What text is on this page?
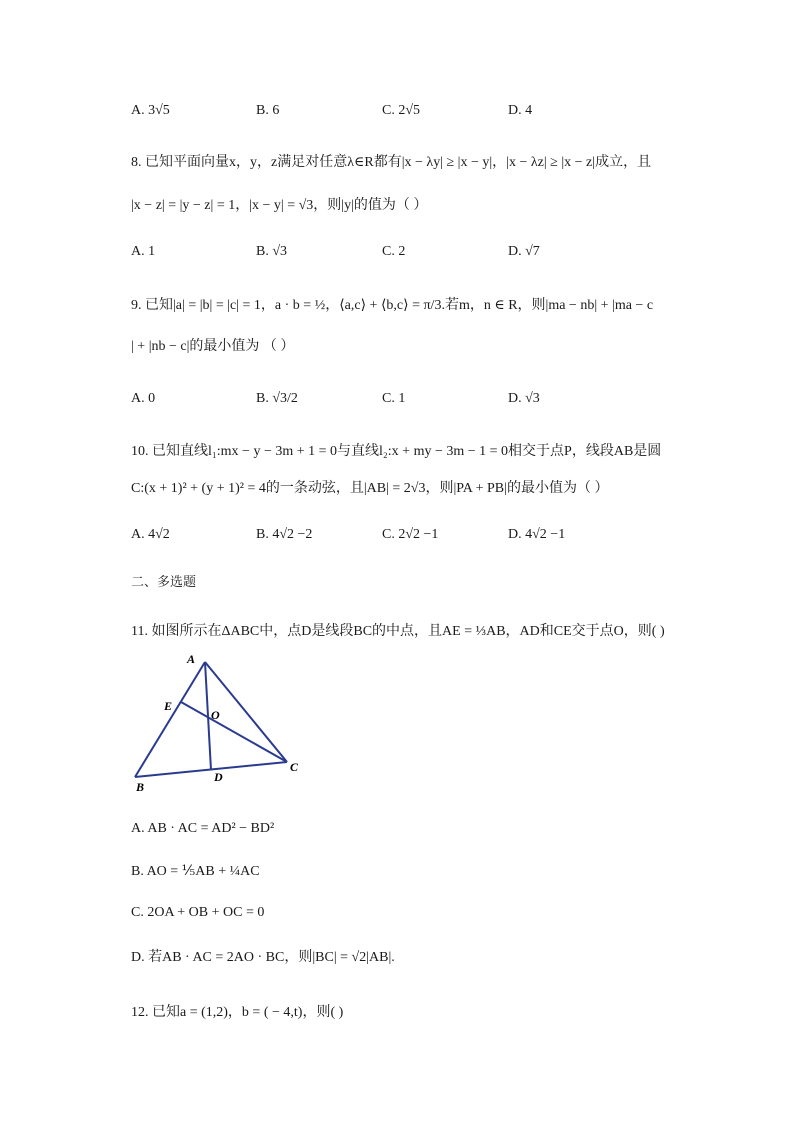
A. 3√5	B. 6	C. 2√5	D. 4
8. 已知平面向量x，y，z满足对任意λ∈R都有|x − λy| ≥ |x − y|，|x − λz| ≥ |x − z|成立，且
|x − z| = |y − z| = 1，|x − y| = √3，则|y|的值为（ ）
A. 1	B. √3	C. 2	D. √7
9. 已知|a| = |b| = |c| = 1，a · b = ½，⟨a,c⟩ + ⟨b,c⟩ = π/3.若m，n ∈ R，则|ma − nb| + |ma − c
| + |nb − c|的最小值为 （ ）
A. 0	B. √3/2	C. 1	D. √3
10. 已知直线l₁:mx − y − 3m + 1 = 0与直线l₂:x + my − 3m − 1 = 0相交于点P，线段AB是圆
C:(x + 1)² + (y + 1)² = 4的一条动弦，且|AB| = 2√3，则|PA + PB|的最小值为（ ）
A. 4√2	B. 4√2 −2	C. 2√2 −1	D. 4√2 −1
二、多选题
11. 如图所示在ΔABC中，点D是线段BC的中点，且AE = ⅓AB，AD和CE交于点O，则( )
A
B
C
D
E
O
A. AB · AC = AD² − BD²
B. AO = ⅕AB + ¼AC
C. 2OA + OB + OC = 0
D. 若AB · AC = 2AO · BC，则|BC| = √2|AB|.
12. 已知a = (1,2)，b = ( − 4,t)，则( )
